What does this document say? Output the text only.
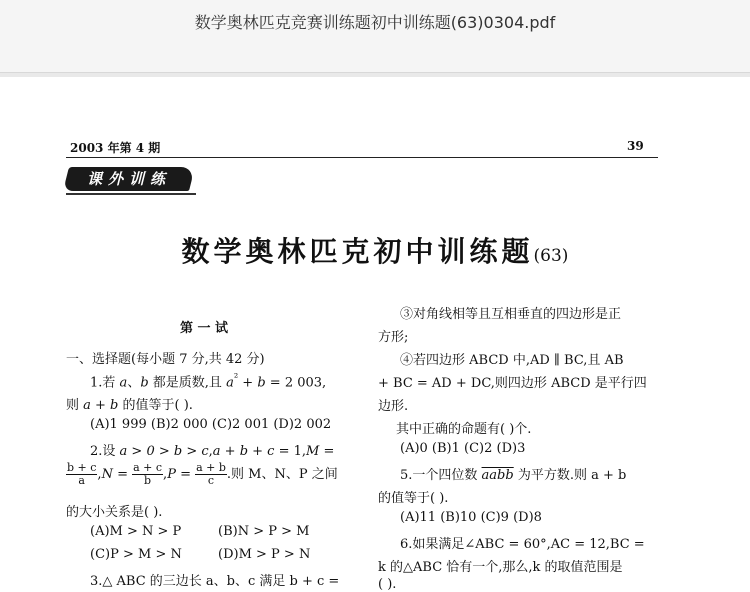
数学奥林匹克竞赛训练题初中训练题(63)0304.pdf
2003 年第 4 期	39
课外训练
数学奥林匹克初中训练题(63)
第 一 试
一、选择题(每小题 7 分,共 42 分)
1.若 a、b 都是质数,且 $a^{^2} + b = 2$ 003,
则 a + b 的值等于( ).
(A)1 999 (B)2 000 (C)2 001 (D)2 002
2.设 a > 0 > b > c,a + b + c = 1,M =
$\frac{b + c}{a} ,N = \frac{a + c}{b} ,P = \frac{a + b}{c}$ .则 M、N、P 之间
的大小关系是( ).
(A)M > N > P	(B)N > P > M
(C)P > M > N	(D)M > P > N
3.△ ABC 的三边长 a、b、c 满足 b + c =
③对角线相等且互相垂直的四边形是正
方形;
④若四边形 ABCD 中,AD ∥ BC,且 AB
+ BC = AD + DC,则四边形 ABCD 是平行四
边形.
其中正确的命题有( )个.
(A)0 (B)1 (C)2 (D)3
5.一个四位数 aabb 为平方数.则 a + b
的值等于( ).
(A)11 (B)10 (C)9 (D)8
6.如果满足∠ABC = 60°,AC = 12,BC =
k 的△ABC 恰有一个,那么,k 的取值范围是
( ).
